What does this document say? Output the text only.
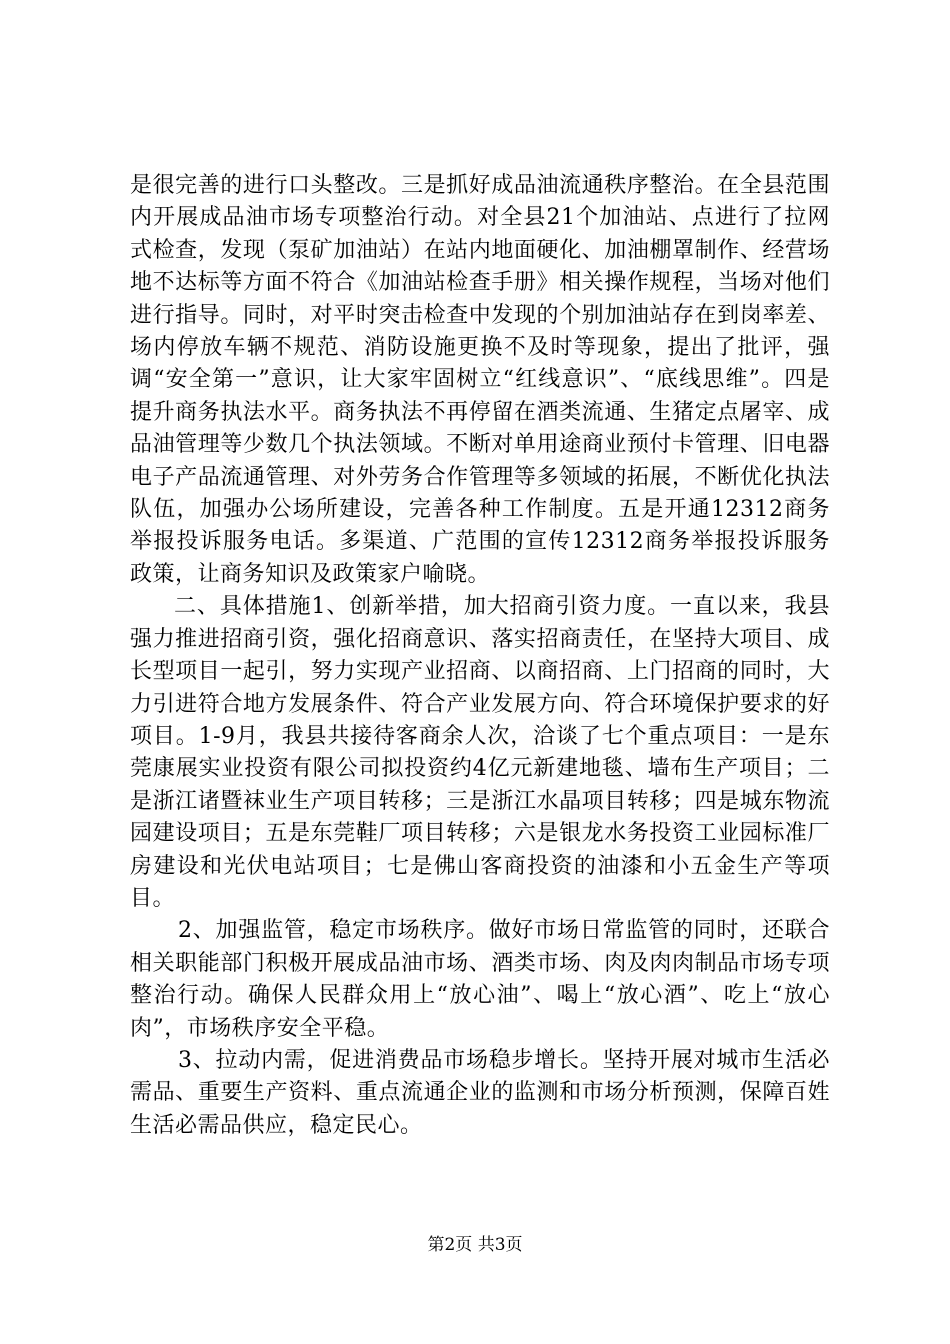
是很完善的进行口头整改。三是抓好成品油流通秩序整治。在全县范围内开展成品油市场专项整治行动。对全县21个加油站、点进行了拉网式检查，发现（泵矿加油站）在站内地面硬化、加油棚罩制作、经营场地不达标等方面不符合《加油站检查手册》相关操作规程，当场对他们进行指导。同时，对平时突击检查中发现的个别加油站存在到岗率差、场内停放车辆不规范、消防设施更换不及时等现象，提出了批评，强调“安全第一”意识，让大家牢固树立“红线意识”、“底线思维”。四是提升商务执法水平。商务执法不再停留在酒类流通、生猪定点屠宰、成品油管理等少数几个执法领域。不断对单用途商业预付卡管理、旧电器电子产品流通管理、对外劳务合作管理等多领域的拓展，不断优化执法队伍，加强办公场所建设，完善各种工作制度。五是开通12312商务举报投诉服务电话。多渠道、广范围的宣传12312商务举报投诉服务政策，让商务知识及政策家户喻晓。

二、具体措施1、创新举措，加大招商引资力度。一直以来，我县强力推进招商引资，强化招商意识、落实招商责任，在坚持大项目、成长型项目一起引，努力实现产业招商、以商招商、上门招商的同时，大力引进符合地方发展条件、符合产业发展方向、符合环境保护要求的好项目。1-9月，我县共接待客商余人次，洽谈了七个重点项目：一是东莞康展实业投资有限公司拟投资约4亿元新建地毯、墙布生产项目；二是浙江诸暨袜业生产项目转移；三是浙江水晶项目转移；四是城东物流园建设项目；五是东莞鞋厂项目转移；六是银龙水务投资工业园标准厂房建设和光伏电站项目；七是佛山客商投资的油漆和小五金生产等项目。

2、加强监管，稳定市场秩序。做好市场日常监管的同时，还联合相关职能部门积极开展成品油市场、酒类市场、肉及肉肉制品市场专项整治行动。确保人民群众用上“放心油”、喝上“放心酒”、吃上“放心肉”，市场秩序安全平稳。

3、拉动内需，促进消费品市场稳步增长。坚持开展对城市生活必需品、重要生产资料、重点流通企业的监测和市场分析预测，保障百姓生活必需品供应，稳定民心。

第2页 共3页
